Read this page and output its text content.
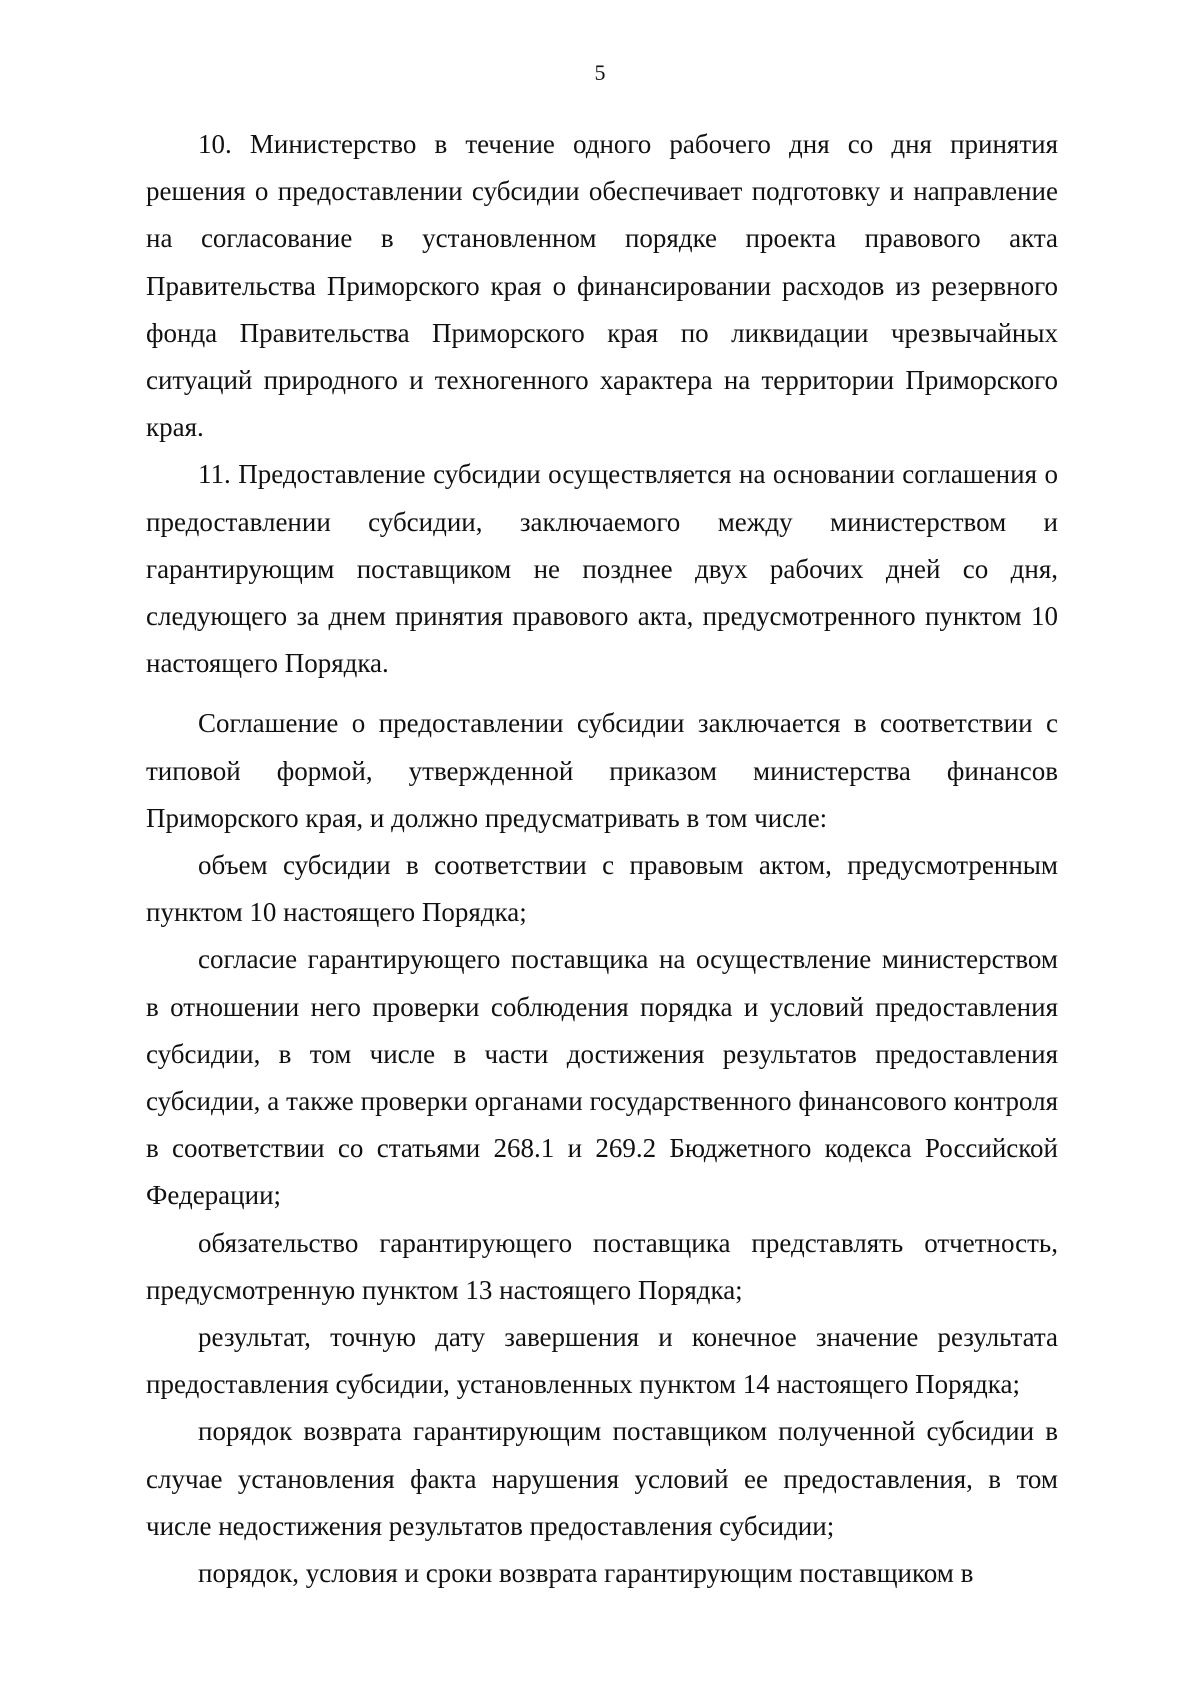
5

10. Министерство в течение одного рабочего дня со дня принятия решения о предоставлении субсидии обеспечивает подготовку и направление на согласование в установленном порядке проекта правового акта Правительства Приморского края о финансировании расходов из резервного фонда Правительства Приморского края по ликвидации чрезвычайных ситуаций природного и техногенного характера на территории Приморского края.

11. Предоставление субсидии осуществляется на основании соглашения о предоставлении субсидии, заключаемого между министерством и гарантирующим поставщиком не позднее двух рабочих дней со дня, следующего за днем принятия правового акта, предусмотренного пунктом 10 настоящего Порядка.

Соглашение о предоставлении субсидии заключается в соответствии с типовой формой, утвержденной приказом министерства финансов Приморского края, и должно предусматривать в том числе:

объем субсидии в соответствии с правовым актом, предусмотренным пунктом 10 настоящего Порядка;

согласие гарантирующего поставщика на осуществление министерством в отношении него проверки соблюдения порядка и условий предоставления субсидии, в том числе в части достижения результатов предоставления субсидии, а также проверки органами государственного финансового контроля в соответствии со статьями 268.1 и 269.2 Бюджетного кодекса Российской Федерации;

обязательство гарантирующего поставщика представлять отчетность, предусмотренную пунктом 13 настоящего Порядка;

результат, точную дату завершения и конечное значение результата предоставления субсидии, установленных пунктом 14 настоящего Порядка;

порядок возврата гарантирующим поставщиком полученной субсидии в случае установления факта нарушения условий ее предоставления, в том числе недостижения результатов предоставления субсидии;

порядок, условия и сроки возврата гарантирующим поставщиком в
